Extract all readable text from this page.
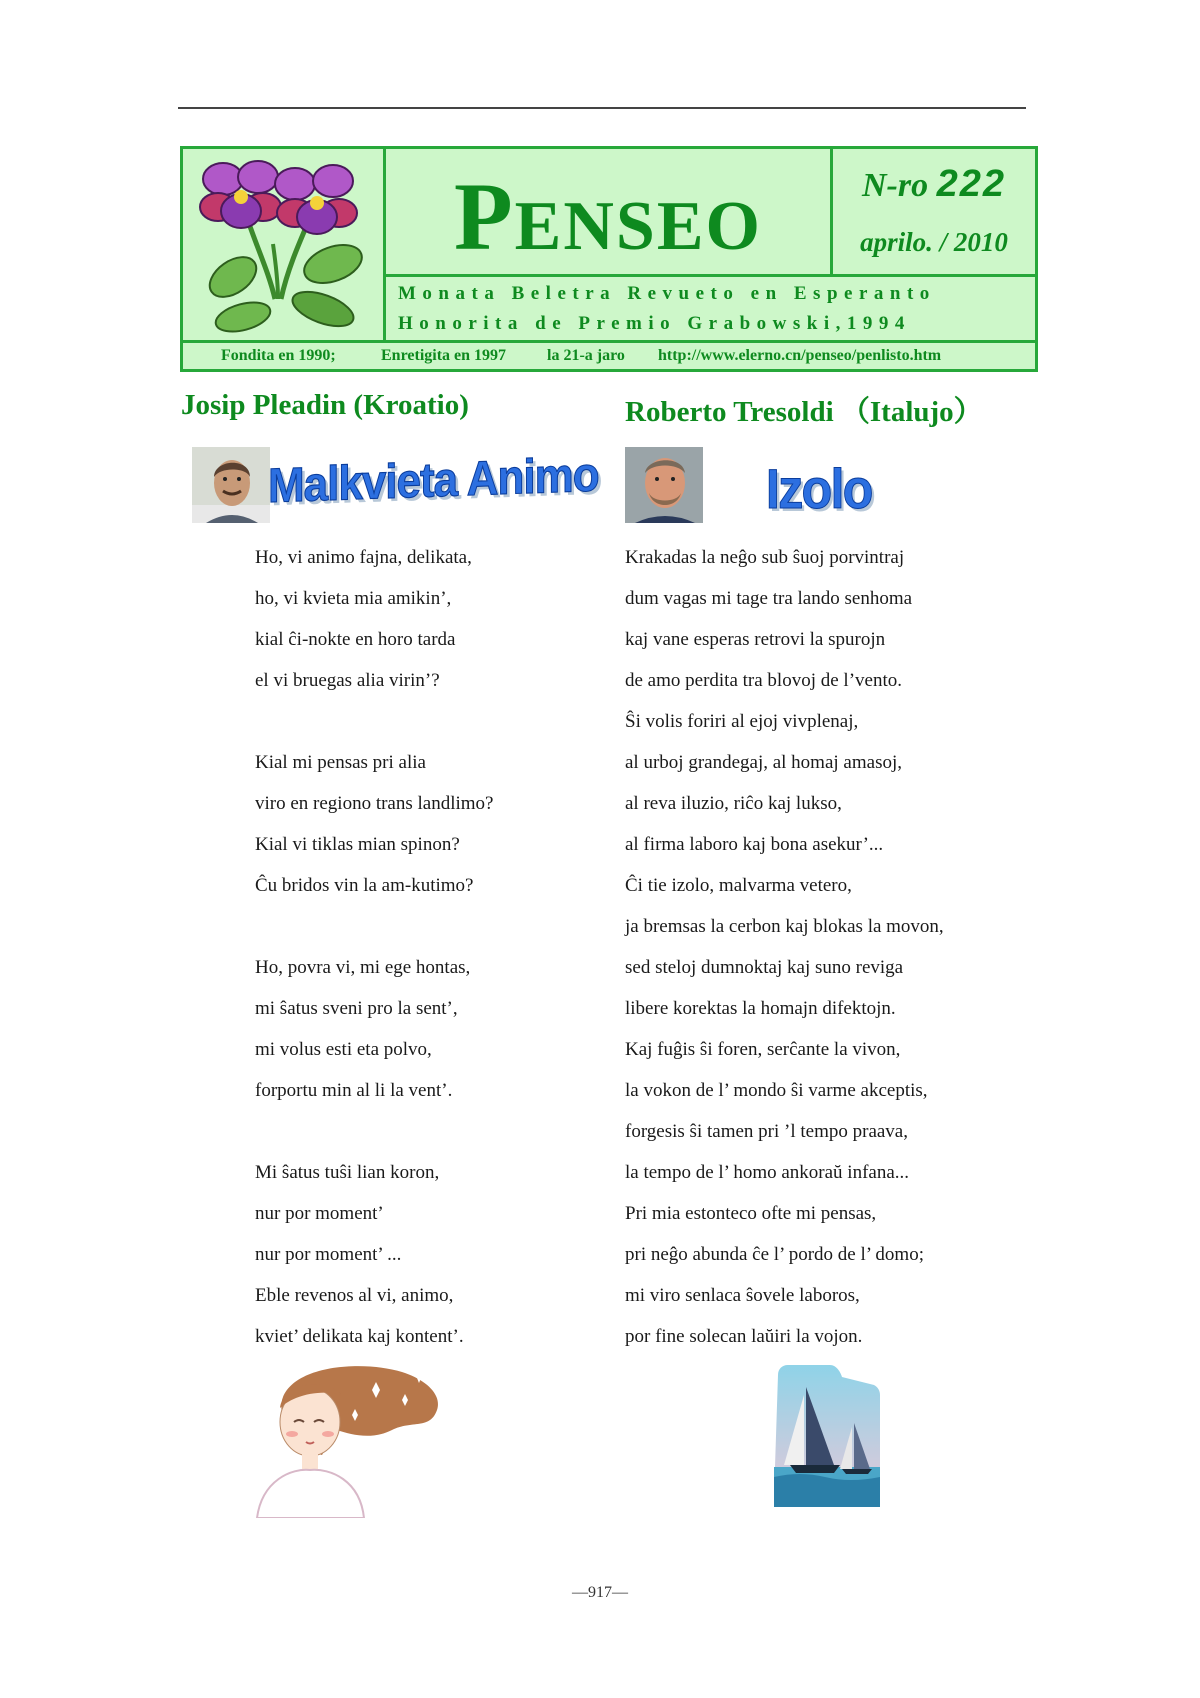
PENSEO
N-ro 222
aprilo. / 2010
Monata Beletra Revueto en Esperanto
Honorita de Premio Grabowski,1994
Fondita en 1990;	Enretigita en 1997	la 21-a jaro http://www.elerno.cn/penseo/penlisto.htm
Josip Pleadin (Kroatio)
Malkvieta Animo
Ho, vi animo fajna, delikata,
ho, vi kvieta mia amikin’,
kial ĉi-nokte en horo tarda
el vi bruegas alia virin’?
Kial mi pensas pri alia
viro en regiono trans landlimo?
Kial vi tiklas mian spinon?
Ĉu bridos vin la am-kutimo?
Ho, povra vi, mi ege hontas,
mi ŝatus sveni pro la sent’,
mi volus esti eta polvo,
forportu min al li la vent’.
Mi ŝatus tuŝi lian koron,
nur por moment’
nur por moment’ ...
Eble revenos al vi, animo,
kviet’ delikata kaj kontent’.
Roberto Tresoldi （Italujo）
Izolo
Krakadas la neĝo sub ŝuoj porvintraj
dum vagas mi tage tra lando senhoma
kaj vane esperas retrovi la spurojn
de amo perdita tra blovoj de l’vento.
Ŝi volis foriri al ejoj vivplenaj,
al urboj grandegaj, al homaj amasoj,
al reva iluzio, riĉo kaj lukso,
al firma laboro kaj bona asekur’...
Ĉi tie izolo, malvarma vetero,
ja bremsas la cerbon kaj blokas la movon,
sed steloj dumnoktaj kaj suno reviga
libere korektas la homajn difektojn.
Kaj fuĝis ŝi foren, serĉante la vivon,
la vokon de l’ mondo ŝi varme akceptis,
forgesis ŝi tamen pri ’l tempo praava,
la tempo de l’ homo ankoraŭ infana...
Pri mia estonteco ofte mi pensas,
pri neĝo abunda ĉe l’ pordo de l’ domo;
mi viro senlaca ŝovele laboros,
por fine solecan laŭiri la vojon.
—917—
